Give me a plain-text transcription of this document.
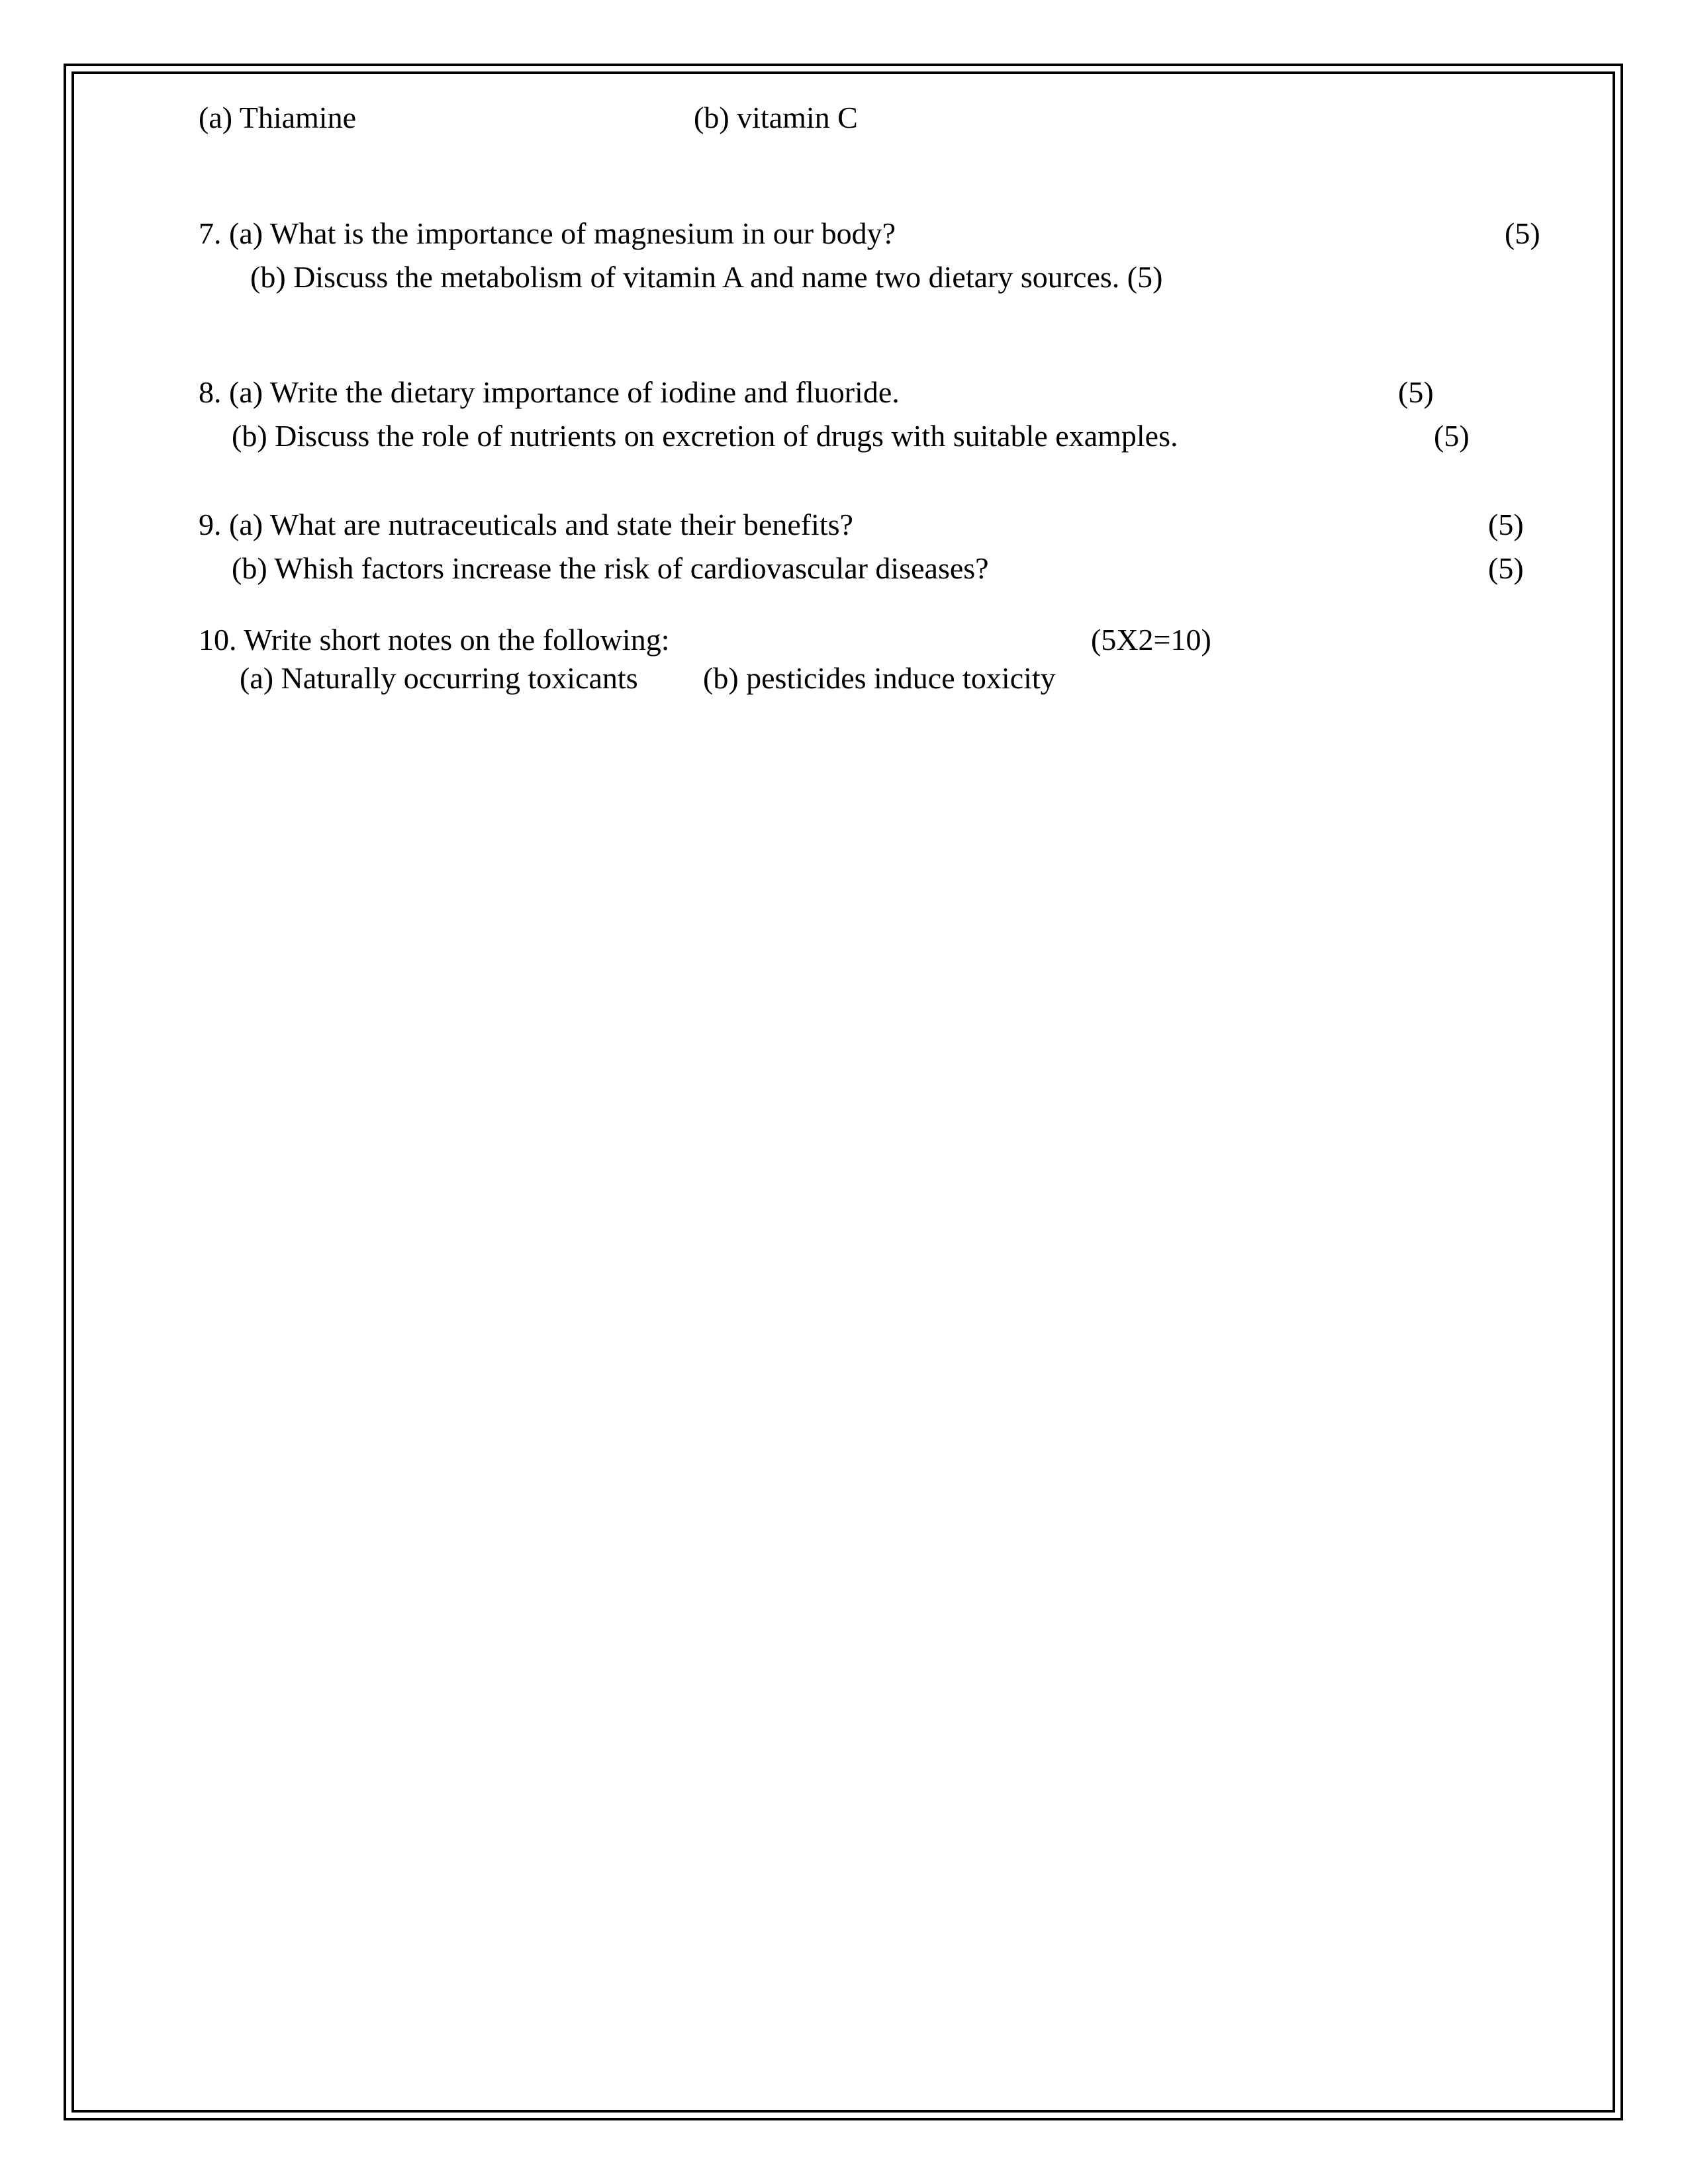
(a) Thiamine	(b) vitamin C
7. (a) What is the importance of magnesium in our body?	(5)
(b) Discuss the metabolism of vitamin A and name two dietary sources. (5)
8. (a) Write the dietary importance of iodine and fluoride.	(5)
(b) Discuss the role of nutrients on excretion of drugs with suitable examples.	(5)
9. (a) What are nutraceuticals and state their benefits?	(5)
(b) Whish factors increase the risk of cardiovascular diseases?	(5)
10. Write short notes on the following:	(5X2=10)
(a) Naturally occurring toxicants (b) pesticides induce toxicity
